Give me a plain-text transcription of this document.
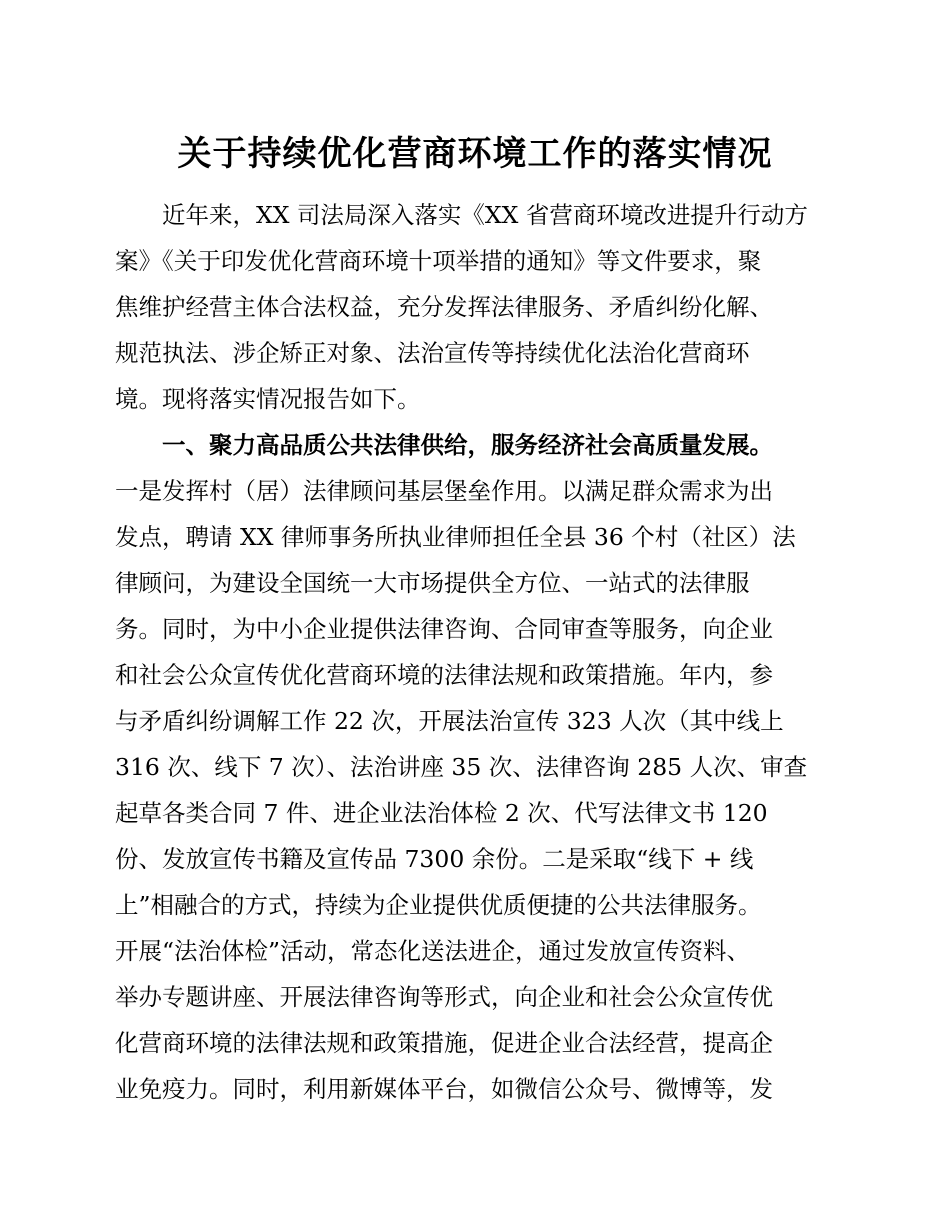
关于持续优化营商环境工作的落实情况
近年来，XX 司法局深入落实《XX 省营商环境改进提升行动方
案》《关于印发优化营商环境十项举措的通知》等文件要求，聚
焦维护经营主体合法权益，充分发挥法律服务、矛盾纠纷化解、
规范执法、涉企矫正对象、法治宣传等持续优化法治化营商环
境。现将落实情况报告如下。
一、聚力高品质公共法律供给，服务经济社会高质量发展。
一是发挥村（居）法律顾问基层堡垒作用。以满足群众需求为出
发点，聘请 XX 律师事务所执业律师担任全县 36 个村（社区）法
律顾问，为建设全国统一大市场提供全方位、一站式的法律服
务。同时，为中小企业提供法律咨询、合同审查等服务，向企业
和社会公众宣传优化营商环境的法律法规和政策措施。年内，参
与矛盾纠纷调解工作 22 次，开展法治宣传 323 人次（其中线上
316 次、线下 7 次）、法治讲座 35 次、法律咨询 285 人次、审查
起草各类合同 7 件、进企业法治体检 2 次、代写法律文书 120
份、发放宣传书籍及宣传品 7300 余份。二是采取“线下 + 线
上”相融合的方式，持续为企业提供优质便捷的公共法律服务。
开展“法治体检”活动，常态化送法进企，通过发放宣传资料、
举办专题讲座、开展法律咨询等形式，向企业和社会公众宣传优
化营商环境的法律法规和政策措施，促进企业合法经营，提高企
业免疫力。同时，利用新媒体平台，如微信公众号、微博等，发
